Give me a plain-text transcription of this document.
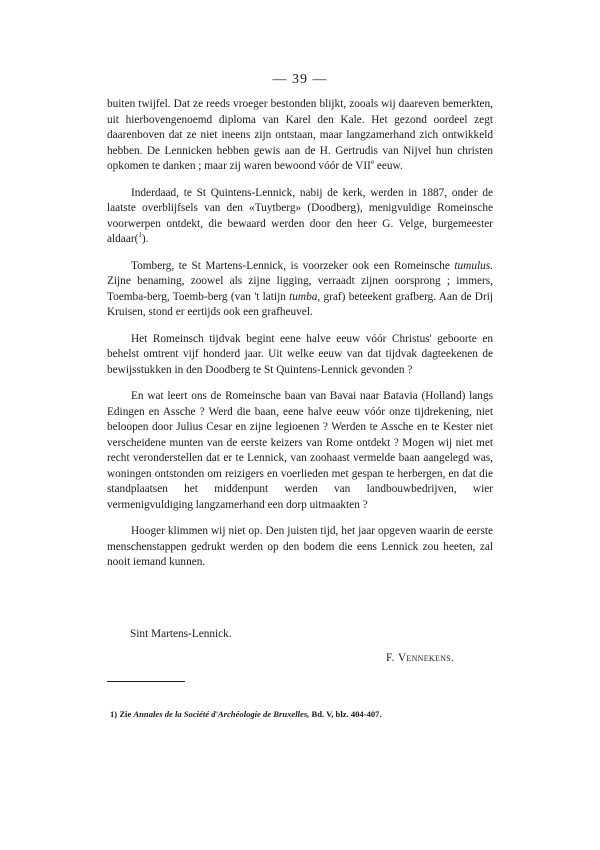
— 39 —

buiten twijfel. Dat ze reeds vroeger bestonden blijkt, zooals wij daareven bemerkten, uit hierbovengenoemd diploma van Karel den Kale. Het gezond oordeel zegt daarenboven dat ze niet ineens zijn ontstaan, maar langzamerhand zich ontwikkeld hebben. De Lennicken hebben gewis aan de H. Gertrudis van Nijvel hun christen opkomen te danken ; maar zij waren bewoond vóór de VIIe eeuw.

Inderdaad, te St Quintens-Lennick, nabij de kerk, werden in 1887, onder de laatste overblijfsels van den «Tuytberg» (Doodberg), menigvuldige Romeinsche voorwerpen ontdekt, die bewaard werden door den heer G. Velge, burgemeester aldaar($^1$).

Tomberg, te St Martens-Lennick, is voorzeker ook een Romeinsche tumulus. Zijne benaming, zoowel als zijne ligging, verraadt zijnen oorsprong ; immers, Toemba-berg, Toemb-berg (van 't latijn tumba, graf) beteekent grafberg. Aan de Drij Kruisen, stond er eertijds ook een grafheuvel.

Het Romeinsch tijdvak begint eene halve eeuw vóór Christus' geboorte en behelst omtrent vijf honderd jaar. Uit welke eeuw van dat tijdvak dagteekenen de bewijsstukken in den Doodberg te St Quintens-Lennick gevonden ?

En wat leert ons de Romeinsche baan van Bavai naar Batavia (Holland) langs Edingen en Assche ? Werd die baan, eene halve eeuw vóór onze tijdrekening, niet beloopen door Julius Cesar en zijne legioenen ? Werden te Assche en te Kester niet verscheidene munten van de eerste keizers van Rome ontdekt ? Mogen wij niet met recht veronderstellen dat er te Lennick, van zoohaast vermelde baan aangelegd was, woningen ontstonden om reizigers en voerlieden met gespan te herbergen, en dat die standplaatsen het middenpunt werden van landbouwbedrijven, wier vermenigvuldiging langzamerhand een dorp uitmaakten ?

Hooger klimmen wij niet op. Den juisten tijd, het jaar opgeven waarin de eerste menschenstappen gedrukt werden op den bodem die eens Lennick zou heeten, zal nooit iemand kunnen.

Sint Martens-Lennick.
F. Vennekens.
1) Zie Annales de la Société d'Archéologie de Bruxelles, Bd. V, blz. 404-407.
